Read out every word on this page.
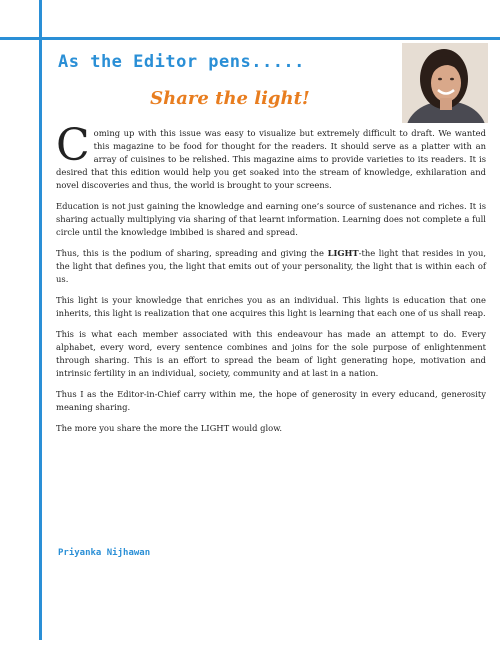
As the Editor pens.....
Share the light!

Coming up with this issue was easy to visualize but extremely difficult to draft. We wanted this magazine to be food for thought for the readers. It should serve as a platter with an array of cuisines to be relished. This magazine aims to provide varieties to its readers. It is desired that this edition would help you get soaked into the stream of knowledge, exhilaration and novel discoveries and thus, the world is brought to your screens.

Education is not just gaining the knowledge and earning one’s source of sustenance and riches. It is sharing actually multiplying via sharing of that learnt information. Learning does not complete a full circle until the knowledge imbibed is shared and spread.

Thus, this is the podium of sharing, spreading and giving the LIGHT-the light that resides in you, the light that defines you, the light that emits out of your personality, the light that is within each of us.

This light is your knowledge that enriches you as an individual. This lights is education that one inherits, this light is realization that one acquires this light is learning that each one of us shall reap.

This is what each member associated with this endeavour has made an attempt to do. Every alphabet, every word, every sentence combines and joins for the sole purpose of enlightenment through sharing. This is an effort to spread the beam of light generating hope, motivation and intrinsic fertility in an individual, society, community and at last in a nation.

Thus I as the Editor-in-Chief carry within me, the hope of generosity in every educand, generosity meaning sharing.

The more you share the more the LIGHT would glow.

Priyanka Nijhawan
